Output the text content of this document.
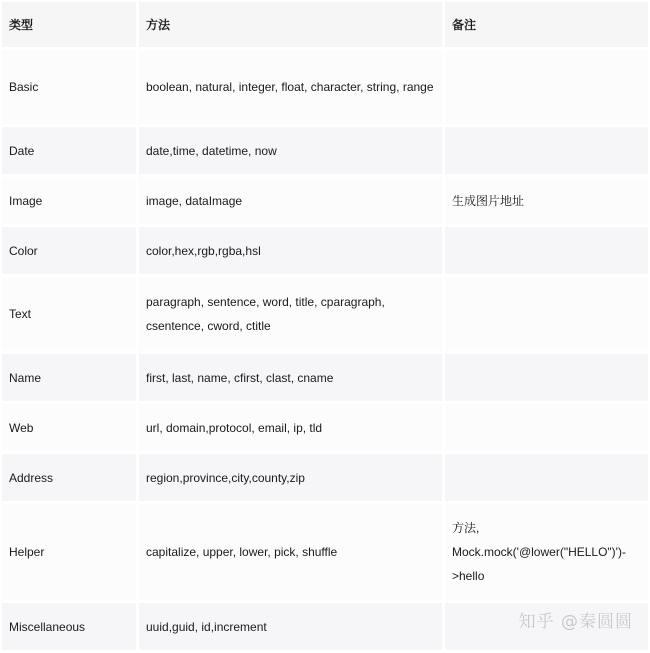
类型	方法	备注
Basic	boolean, natural, integer, float, character, string, range	
Date	date,time, datetime, now	
Image	image, dataImage	生成图片地址
Color	color,hex,rgb,rgba,hsl	
Text	paragraph, sentence, word, title, cparagraph, csentence, cword, ctitle	
Name	first, last, name, cfirst, clast, cname	
Web	url, domain,protocol, email, ip, tld	
Address	region,province,city,county,zip	
Helper	capitalize, upper, lower, pick, shuffle	方法, Mock.mock('@lower("HELLO")')->hello
Miscellaneous	uuid,guid, id,increment		知乎 @秦圆圆
